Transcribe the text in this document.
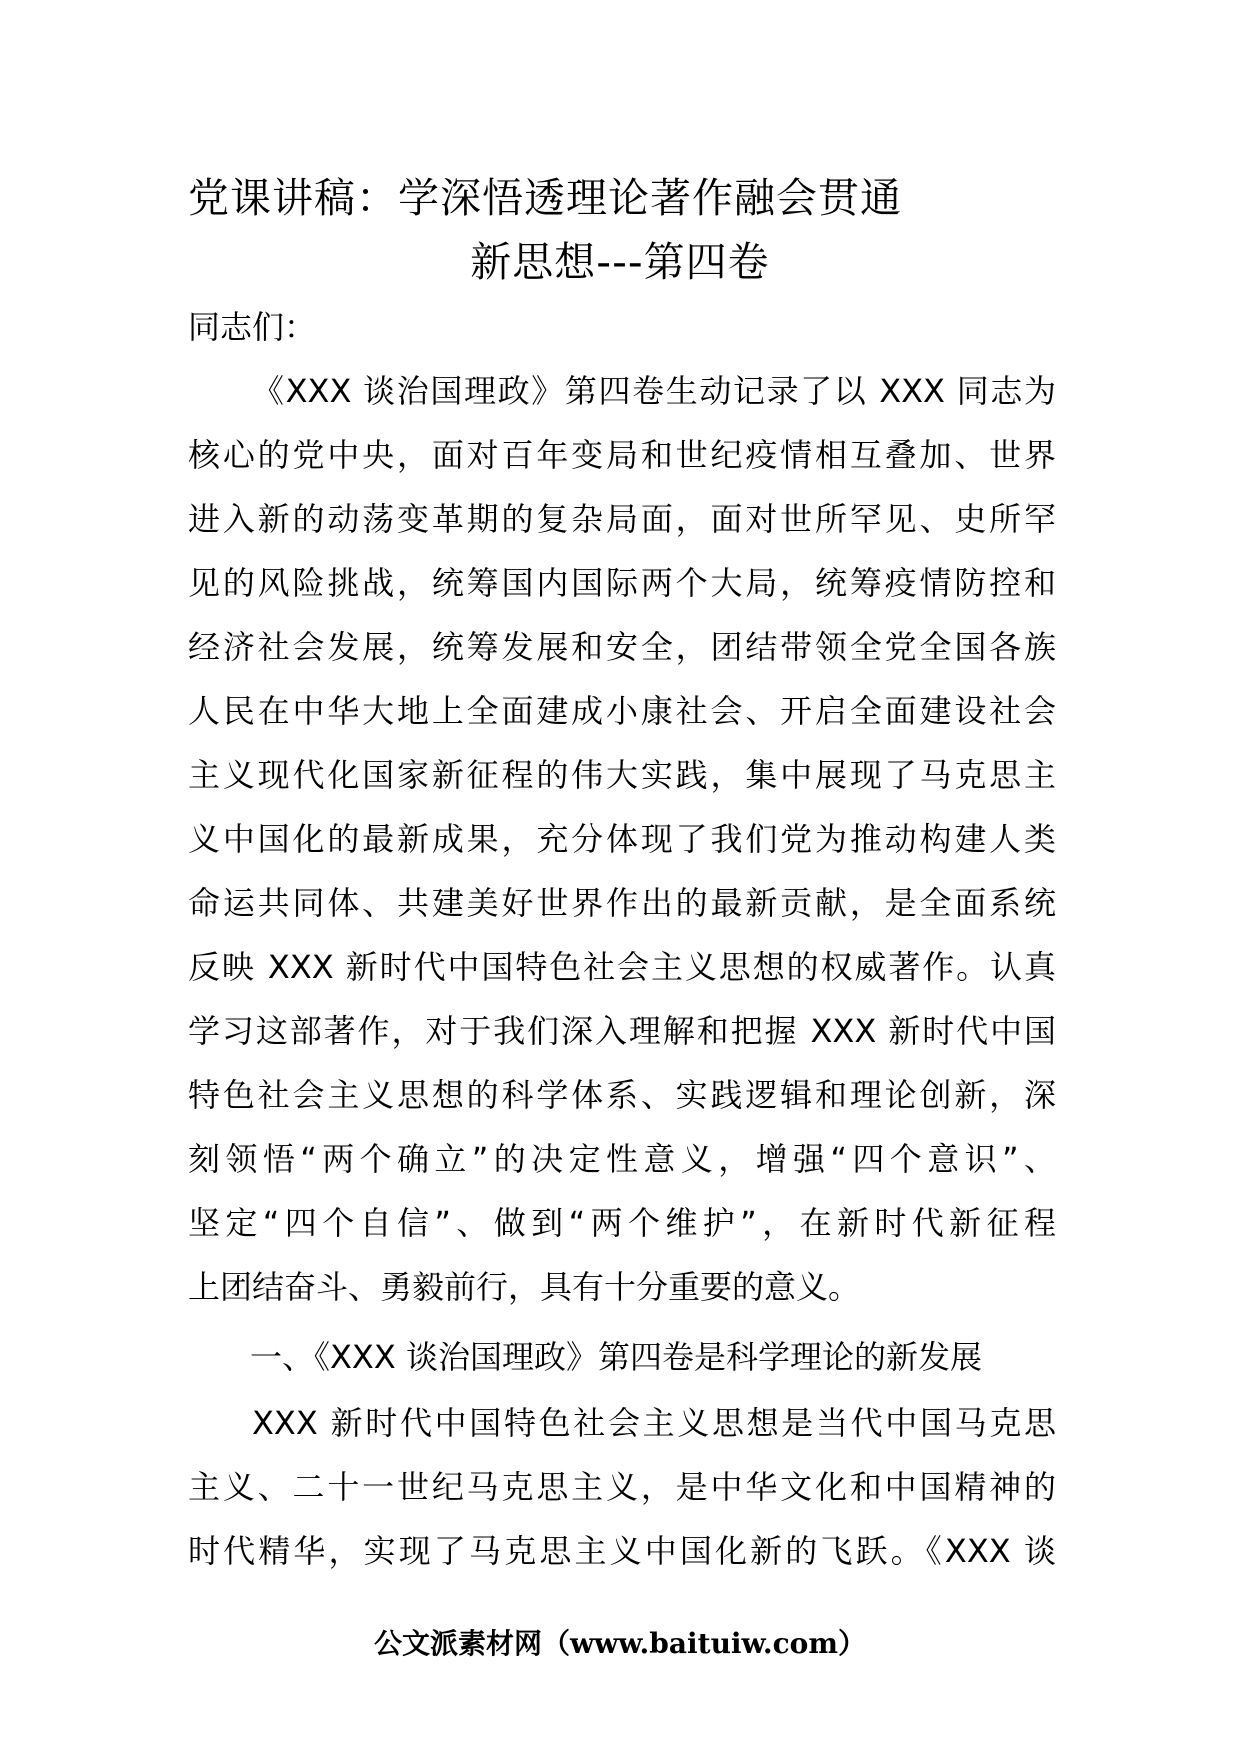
党课讲稿：学深悟透理论著作融会贯通
新思想---第四卷

同志们：

《XXX 谈治国理政》第四卷生动记录了以 XXX 同志为

核心的党中央，面对百年变局和世纪疫情相互叠加、世界

进入新的动荡变革期的复杂局面，面对世所罕见、史所罕

见的风险挑战，统筹国内国际两个大局，统筹疫情防控和

经济社会发展，统筹发展和安全，团结带领全党全国各族

人民在中华大地上全面建成小康社会、开启全面建设社会

主义现代化国家新征程的伟大实践，集中展现了马克思主

义中国化的最新成果，充分体现了我们党为推动构建人类

命运共同体、共建美好世界作出的最新贡献，是全面系统

反映 XXX 新时代中国特色社会主义思想的权威著作。认真

学习这部著作，对于我们深入理解和把握 XXX 新时代中国

特色社会主义思想的科学体系、实践逻辑和理论创新，深

刻领悟“两个确立”的决定性意义，增强“四个意识”、

坚定“四个自信”、做到“两个维护”，在新时代新征程

上团结奋斗、勇毅前行，具有十分重要的意义。

一、《XXX 谈治国理政》第四卷是科学理论的新发展

XXX 新时代中国特色社会主义思想是当代中国马克思

主义、二十一世纪马克思主义，是中华文化和中国精神的

时代精华，实现了马克思主义中国化新的飞跃。《XXX 谈

公文派素材网（www.baituiw.com）
